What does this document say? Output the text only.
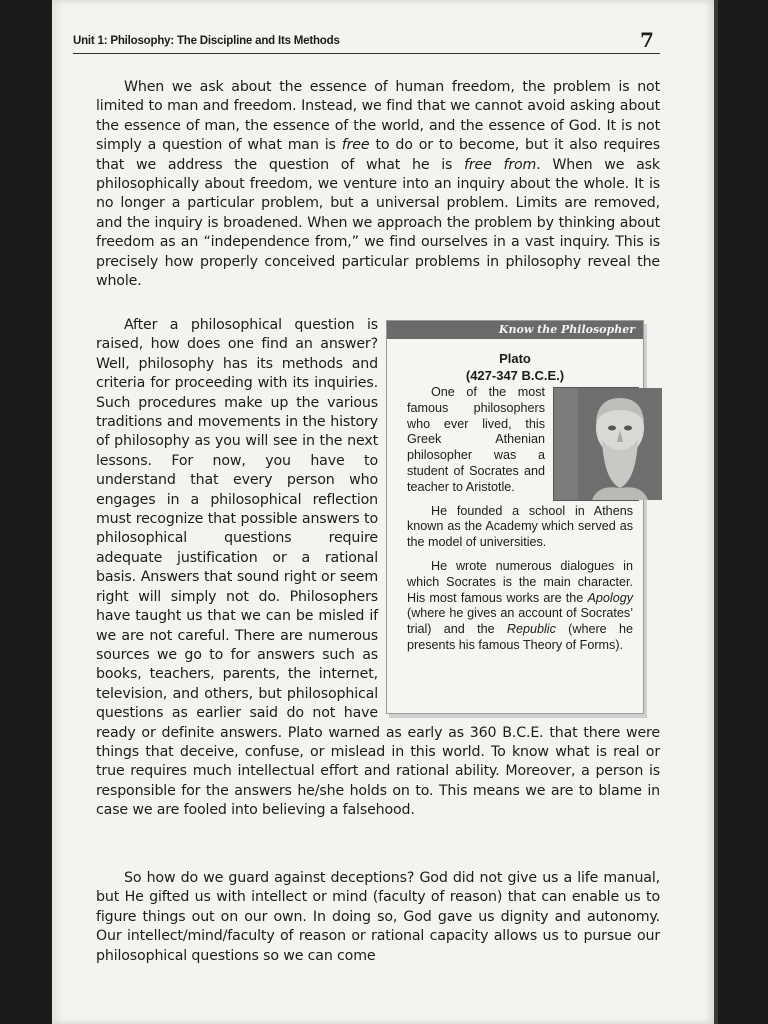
Unit 1: Philosophy: The Discipline and Its Methods	7

When we ask about the essence of human freedom, the problem is not limited to man and freedom. Instead, we find that we cannot avoid asking about the essence of man, the essence of the world, and the essence of God. It is not simply a question of what man is free to do or to become, but it also requires that we address the question of what he is free from. When we ask philosophically about freedom, we venture into an inquiry about the whole. It is no longer a particular problem, but a universal problem. Limits are removed, and the inquiry is broadened. When we approach the problem by thinking about freedom as an “independence from,” we find ourselves in a vast inquiry. This is precisely how properly conceived particular problems in philosophy reveal the whole.

After a philosophical question is raised, how does one find an answer? Well, philosophy has its methods and criteria for proceeding with its inquiries. Such procedures make up the various traditions and movements in the history of philosophy as you will see in the next lessons. For now, you have to understand that every person who engages in a philosophical reflection must recognize that possible answers to philosophical questions require adequate justification or a rational basis. Answers that sound right or seem right will simply not do. Philosophers have taught us that we can be misled if we are not careful. There are numerous sources we go to for answers such as books, teachers, parents, the internet, television, and others, but philosophical questions as earlier said do not have ready or definite answers. Plato warned as early as 360 B.C.E. that there were things that deceive, confuse, or mislead in this world. To know what is real or true requires much intellectual effort and rational ability. Moreover, a person is responsible for the answers he/she holds on to. This means we are to blame in case we are fooled into believing a falsehood.

So how do we guard against deceptions? God did not give us a life manual, but He gifted us with intellect or mind (faculty of reason) that can enable us to figure things out on our own. In doing so, God gave us dignity and autonomy. Our intellect/mind/faculty of reason or rational capacity allows us to pursue our philosophical questions so we can come

Know the Philosopher
Plato
(427-347 B.C.E.)

One of the most famous philosophers who ever lived, this Greek Athenian philosopher was a student of Socrates and teacher to Aristotle.

He founded a school in Athens known as the Academy which served as the model of universities.

He wrote numerous dialogues in which Socrates is the main character. His most famous works are the Apology (where he gives an account of Socrates’ trial) and the Republic (where he presents his famous Theory of Forms).
